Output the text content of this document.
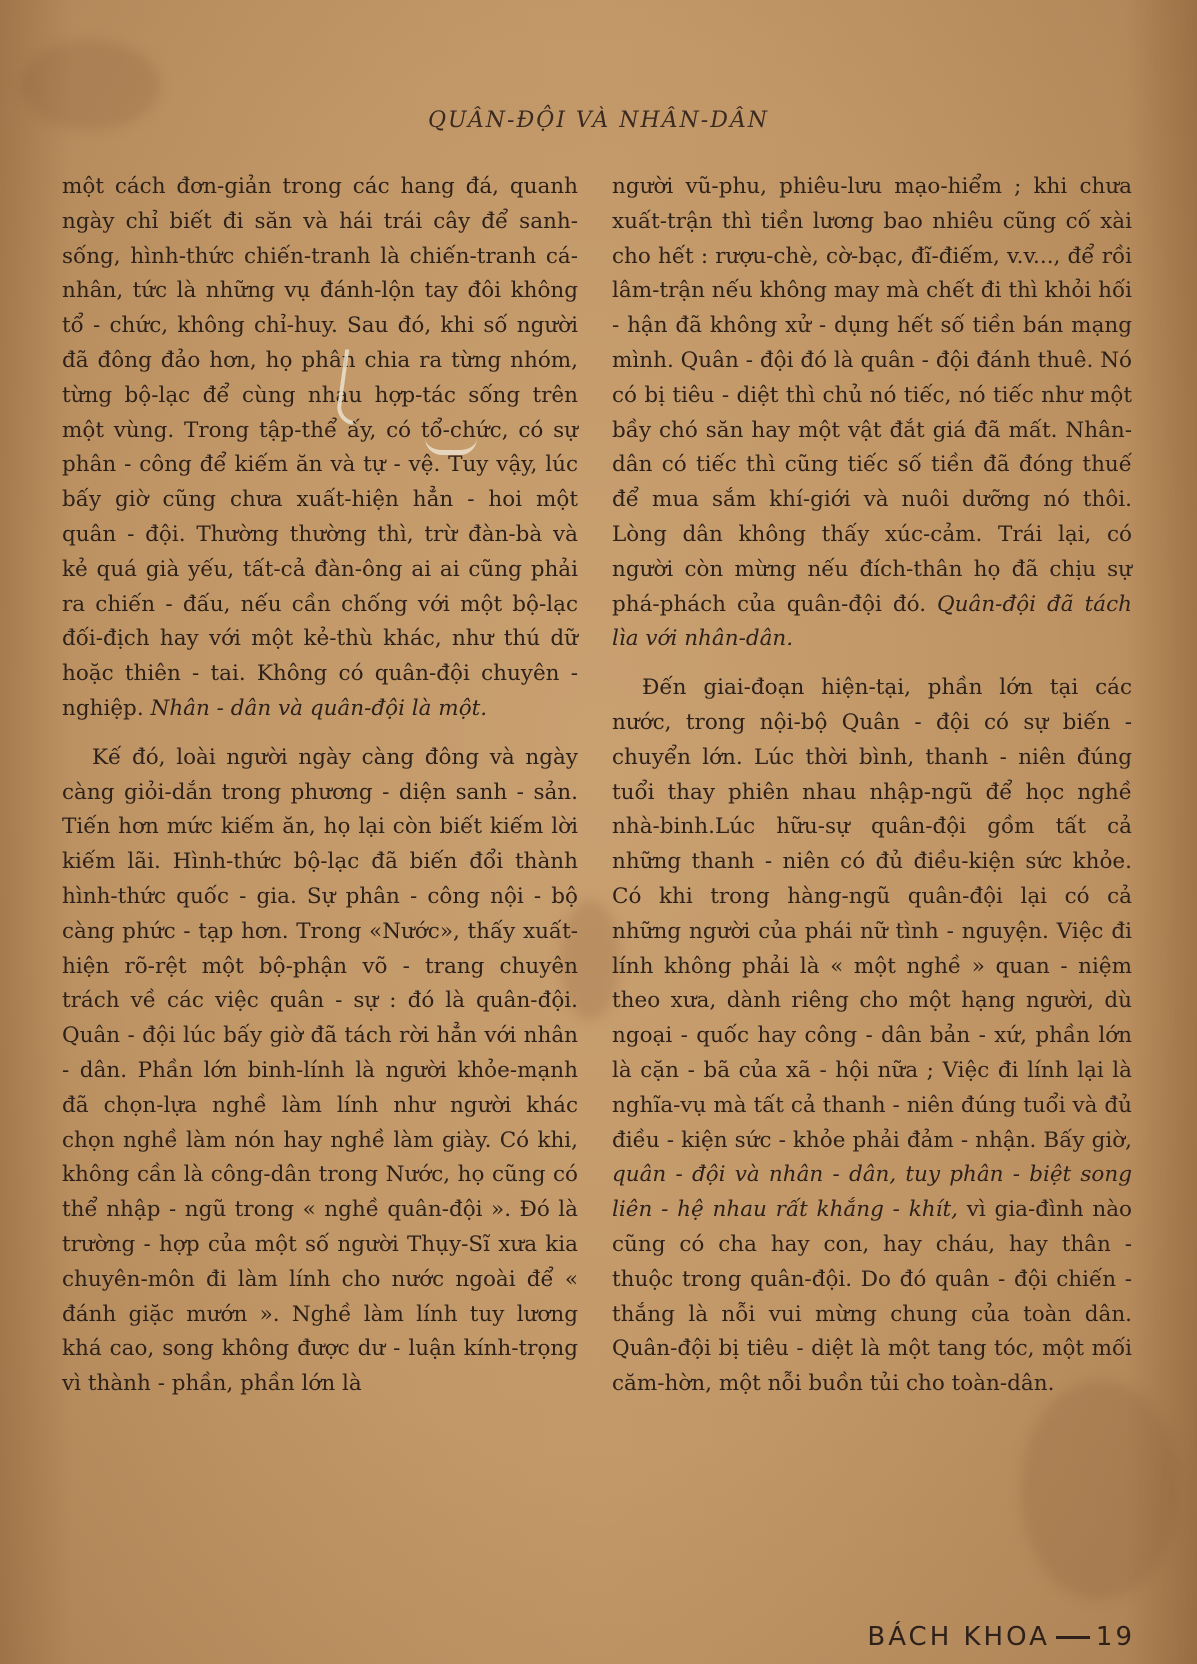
QUÂN-ĐỘI VÀ NHÂN-DÂN

một cách đơn-giản trong các hang đá, quanh ngày chỉ biết đi săn và hái trái cây để sanh-sống, hình-thức chiến-tranh là chiến-tranh cá-nhân, tức là những vụ đánh-lộn tay đôi không tổ - chức, không chỉ-huy. Sau đó, khi số người đã đông đảo hơn, họ phân chia ra từng nhóm, từng bộ-lạc để cùng nhau hợp-tác sống trên một vùng. Trong tập-thể ấy, có tổ-chức, có sự phân - công để kiếm ăn và tự - vệ. Tuy vậy, lúc bấy giờ cũng chưa xuất-hiện hẳn - hoi một quân - đội. Thường thường thì, trừ đàn-bà và kẻ quá già yếu, tất-cả đàn-ông ai ai cũng phải ra chiến - đấu, nếu cần chống với một bộ-lạc đối-địch hay với một kẻ-thù khác, như thú dữ hoặc thiên - tai. Không có quân-đội chuyên - nghiệp. Nhân - dân và quân-đội là một.

Kế đó, loài người ngày càng đông và ngày càng giỏi-dắn trong phương - diện sanh - sản. Tiến hơn mức kiếm ăn, họ lại còn biết kiếm lời kiếm lãi. Hình-thức bộ-lạc đã biến đổi thành hình-thức quốc - gia. Sự phân - công nội - bộ càng phức - tạp hơn. Trong «Nước», thấy xuất-hiện rõ-rệt một bộ-phận võ - trang chuyên trách về các việc quân - sự : đó là quân-đội. Quân - đội lúc bấy giờ đã tách rời hẳn với nhân - dân. Phần lớn binh-lính là người khỏe-mạnh đã chọn-lựa nghề làm lính như người khác chọn nghề làm nón hay nghề làm giày. Có khi, không cần là công-dân trong Nước, họ cũng có thể nhập - ngũ trong « nghề quân-đội ». Đó là trường - hợp của một số người Thụy-Sĩ xưa kia chuyên-môn đi làm lính cho nước ngoài để « đánh giặc mướn ». Nghề làm lính tuy lương khá cao, song không được dư - luận kính-trọng vì thành - phần, phần lớn là

người vũ-phu, phiêu-lưu mạo-hiểm ; khi chưa xuất-trận thì tiền lương bao nhiêu cũng cố xài cho hết : rượu-chè, cờ-bạc, đĩ-điếm, v.v..., để rồi lâm-trận nếu không may mà chết đi thì khỏi hối - hận đã không xử - dụng hết số tiền bán mạng mình. Quân - đội đó là quân - đội đánh thuê. Nó có bị tiêu - diệt thì chủ nó tiếc, nó tiếc như một bầy chó săn hay một vật đắt giá đã mất. Nhân-dân có tiếc thì cũng tiếc số tiền đã đóng thuế để mua sắm khí-giới và nuôi dưỡng nó thôi. Lòng dân không thấy xúc-cảm. Trái lại, có người còn mừng nếu đích-thân họ đã chịu sự phá-phách của quân-đội đó. Quân-đội đã tách lìa với nhân-dân.

Đến giai-đoạn hiện-tại, phần lớn tại các nước, trong nội-bộ Quân - đội có sự biến - chuyển lớn. Lúc thời bình, thanh - niên đúng tuổi thay phiên nhau nhập-ngũ để học nghề nhà-binh.Lúc hữu-sự quân-đội gồm tất cả những thanh - niên có đủ điều-kiện sức khỏe. Có khi trong hàng-ngũ quân-đội lại có cả những người của phái nữ tình - nguyện. Việc đi lính không phải là « một nghề » quan - niệm theo xưa, dành riêng cho một hạng người, dù ngoại - quốc hay công - dân bản - xứ, phần lớn là cặn - bã của xã - hội nữa ; Việc đi lính lại là nghĩa-vụ mà tất cả thanh - niên đúng tuổi và đủ điều - kiện sức - khỏe phải đảm - nhận. Bấy giờ, quân - đội và nhân - dân, tuy phân - biệt song liên - hệ nhau rất khắng - khít, vì gia-đình nào cũng có cha hay con, hay cháu, hay thân - thuộc trong quân-đội. Do đó quân - đội chiến - thắng là nỗi vui mừng chung của toàn dân. Quân-đội bị tiêu - diệt là một tang tóc, một mối căm-hờn, một nỗi buồn tủi cho toàn-dân.

BÁCH KHOA 19
